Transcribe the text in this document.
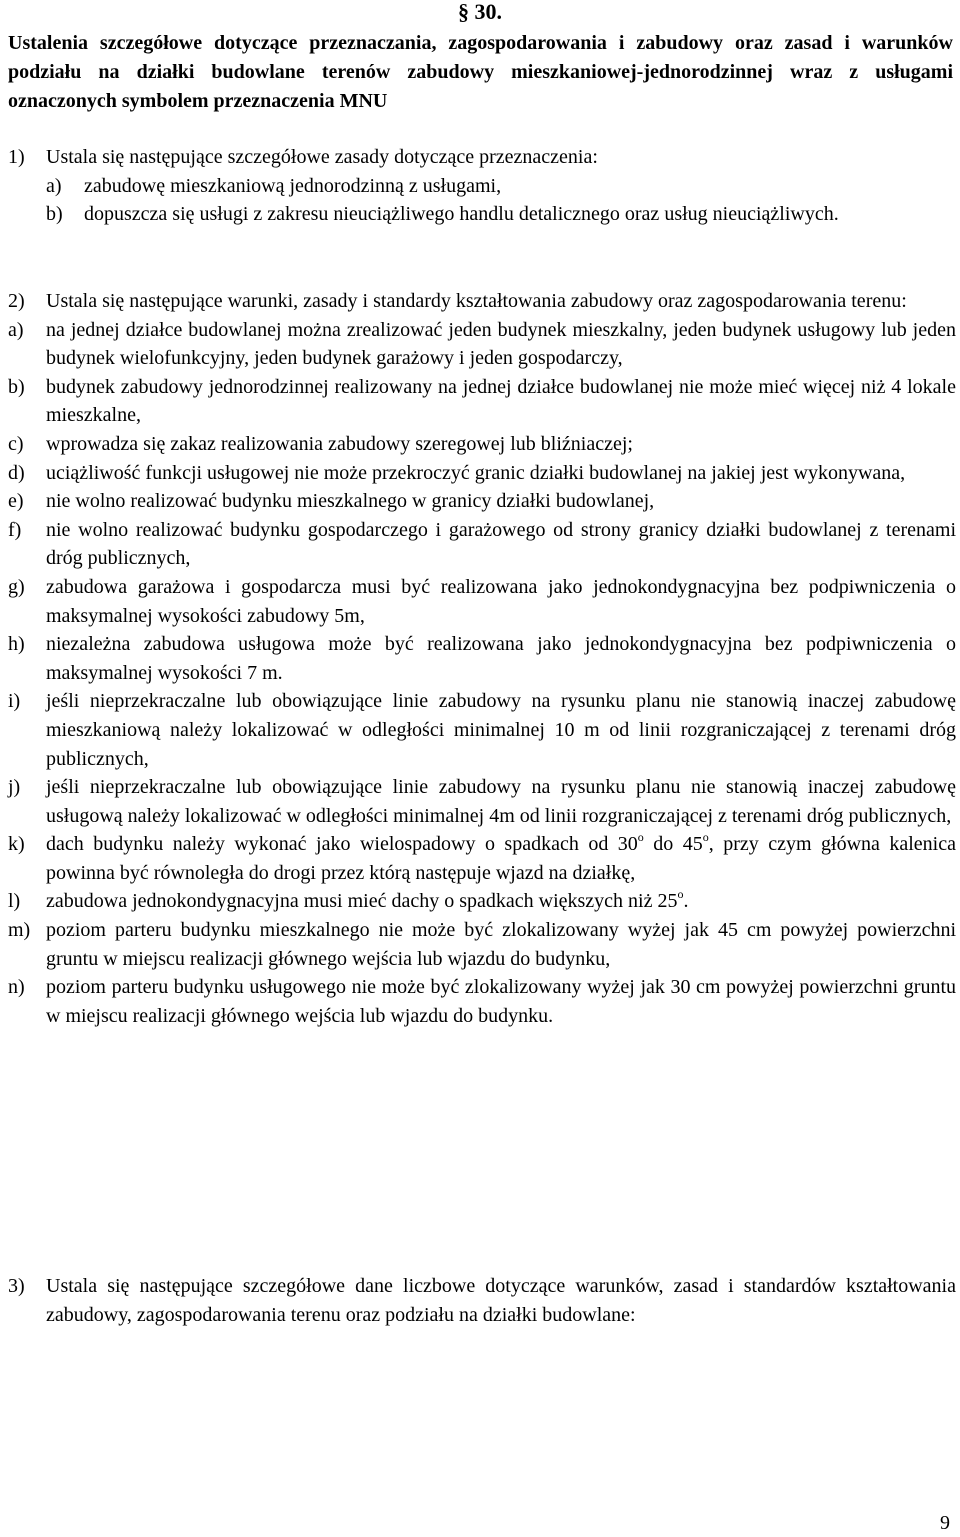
§ 30.
Ustalenia szczegółowe dotyczące przeznaczania, zagospodarowania i zabudowy oraz zasad i warunków podziału na działki budowlane terenów zabudowy mieszkaniowej-jednorodzinnej wraz z usługami oznaczonych symbolem przeznaczenia MNU
1) Ustala się następujące szczegółowe zasady dotyczące przeznaczenia:
a) zabudowę mieszkaniową jednorodzinną z usługami,
b) dopuszcza się usługi z zakresu nieuciążliwego handlu detalicznego oraz usług nieuciążliwych.
2) Ustala się następujące warunki, zasady i standardy kształtowania zabudowy oraz zagospodarowania terenu:
a) na jednej działce budowlanej można zrealizować jeden budynek mieszkalny, jeden budynek usługowy lub jeden budynek wielofunkcyjny, jeden budynek garażowy i jeden gospodarczy,
b) budynek zabudowy jednorodzinnej realizowany na jednej działce budowlanej nie może mieć więcej niż 4 lokale mieszkalne,
c) wprowadza się zakaz realizowania zabudowy szeregowej lub bliźniaczej;
d) uciążliwość funkcji usługowej nie może przekroczyć granic działki budowlanej na jakiej jest wykonywana,
e) nie wolno realizować budynku mieszkalnego w granicy działki budowlanej,
f) nie wolno realizować budynku gospodarczego i garażowego od strony granicy działki budowlanej z terenami dróg publicznych,
g) zabudowa garażowa i gospodarcza musi być realizowana jako jednokondygnacyjna bez podpiwniczenia o maksymalnej wysokości zabudowy 5m,
h) niezależna zabudowa usługowa może być realizowana jako jednokondygnacyjna bez podpiwniczenia o maksymalnej wysokości 7 m.
i) jeśli nieprzekraczalne lub obowiązujące linie zabudowy na rysunku planu nie stanowią inaczej zabudowę mieszkaniową należy lokalizować w odległości minimalnej 10 m od linii rozgraniczającej z terenami dróg publicznych,
j) jeśli nieprzekraczalne lub obowiązujące linie zabudowy na rysunku planu nie stanowią inaczej zabudowę usługową należy lokalizować w odległości minimalnej 4m od linii rozgraniczającej z terenami dróg publicznych,
k) dach budynku należy wykonać jako wielospadowy o spadkach od 30$^o$ do 45$^o$, przy czym główna kalenica powinna być równoległa do drogi przez którą następuje wjazd na działkę,
l) zabudowa jednokondygnacyjna musi mieć dachy o spadkach większych niż 25$^o$.
m) poziom parteru budynku mieszkalnego nie może być zlokalizowany wyżej jak 45 cm powyżej powierzchni gruntu w miejscu realizacji głównego wejścia lub wjazdu do budynku,
n) poziom parteru budynku usługowego nie może być zlokalizowany wyżej jak 30 cm powyżej powierzchni gruntu w miejscu realizacji głównego wejścia lub wjazdu do budynku.
3) Ustala się następujące szczegółowe dane liczbowe dotyczące warunków, zasad i standardów kształtowania zabudowy, zagospodarowania terenu oraz podziału na działki budowlane:
9
